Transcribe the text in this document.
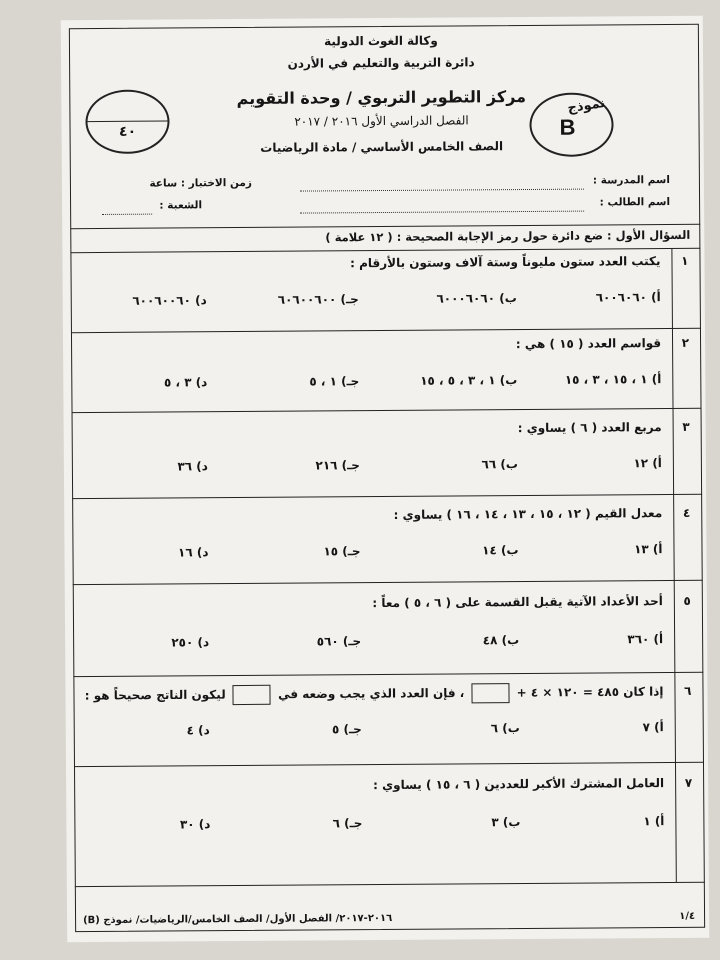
وكالة الغوث الدولية
دائرة التربية والتعليم في الأردن
مركز التطوير التربوي / وحدة التقويم
الفصل الدراسي الأول ٢٠١٦ / ٢٠١٧
الصف الخامس الأساسي / مادة الرياضيات
٤٠
نموذج
B
اسم المدرسة :
اسم الطالب :
زمن الاختبار : ساعة
الشعبة :
السؤال الأول : ضع دائرة حول رمز الإجابة الصحيحة : ( ١٢ علامة )
١
يكتب العدد ستون مليوناً وستة آلاف وستون بالأرقام :
أ) ٦٠٠٦٠٦٠
ب) ٦٠٠٠٦٠٦٠
جـ) ٦٠٦٠٠٦٠٠
د) ٦٠٠٦٠٠٦٠
٢
قواسم العدد ( ١٥ ) هي :
أ) ١ ، ١٥ ، ٣ ، ١٥
ب) ١ ، ٣ ، ٥ ، ١٥
جـ) ١ ، ٥
د) ٣ ، ٥
٣
مربع العدد ( ٦ ) يساوي :
أ) ١٢
ب) ٦٦
جـ) ٢١٦
د) ٣٦
٤
معدل القيم ( ١٢ ، ١٥ ، ١٣ ، ١٤ ، ١٦ ) يساوي :
أ) ١٣
ب) ١٤
جـ) ١٥
د) ١٦
٥
أحد الأعداد الآتية يقبل القسمة على ( ٦ ، ٥ ) معاً :
أ) ٣٦٠
ب) ٤٨
جـ) ٥٦٠
د) ٢٥٠
٦
إذا كان ٤٨٥ = ١٢٠ × ٤ +  ، فإن العدد الذي يجب وضعه في  ليكون الناتج صحيحاً هو :
أ) ٧
ب) ٦
جـ) ٥
د) ٤
٧
العامل المشترك الأكبر للعددين ( ٦ ، ١٥ ) يساوي :
أ) ١
ب) ٣
جـ) ٦
د) ٣٠
١/٤
٢٠١٦-٢٠١٧/ الفصل الأول/ الصف الخامس/الرياضيات/ نموذج (B)
